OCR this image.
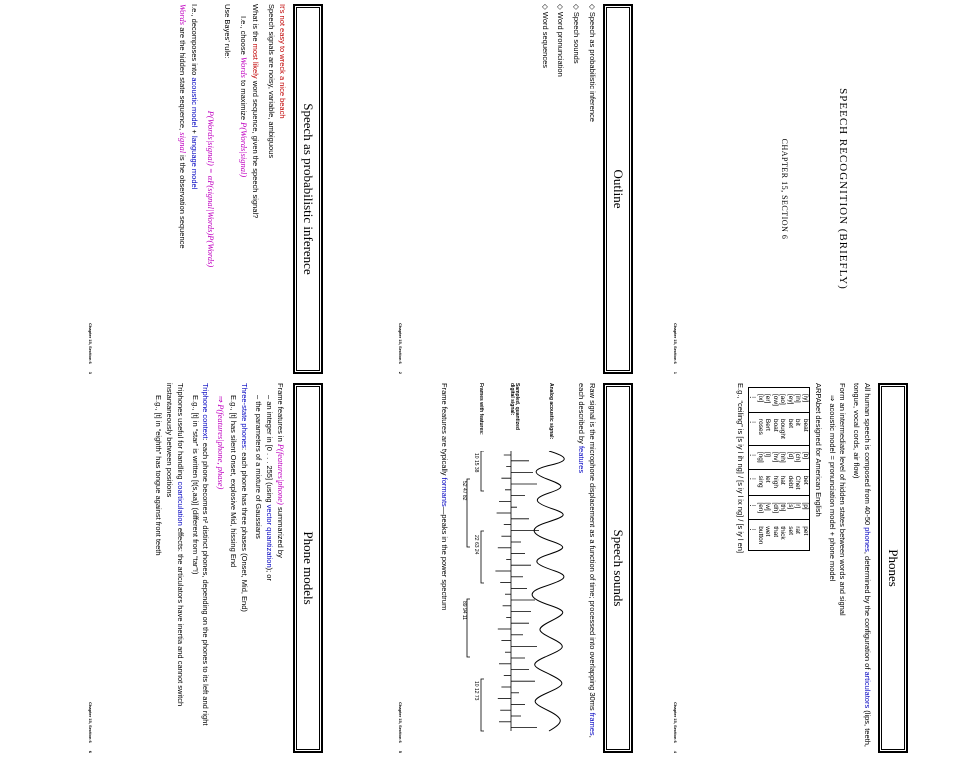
SPEECH RECOGNITION (BRIEFLY)
CHAPTER 15, SECTION 6
Chapter 15, Section 61
Outline
◇ Speech as probabilistic inference
◇ Speech sounds
◇ Word pronunciation
◇ Word sequences
Chapter 15, Section 62
Speech as probabilistic inference
It’s not easy to wreck a nice beach
Speech signals are noisy, variable, ambiguous
What is the most likely word sequence, given the speech signal?
I.e., choose Words to maximize P(Words|signal)
Use Bayes’ rule:
P(Words|signal) = αP(signal|Words)P(Words)
I.e., decomposes into acoustic model + language model
Words are the hidden state sequence, signal is the observation sequence
Chapter 15, Section 63
Phones
All human speech is composed from 40-50 phones, determined by the configuration of articulators (lips, teeth, tongue, vocal cords, air flow)
Form an intermediate level of hidden states between words and signal
⇒ acoustic model = pronunciation model + phone model
ARPAbet designed for American English
[iy]	beat	[b]	bet	[p]	pet
[ih]	bit	[ch]	Chet	[r]	rat
[ey]	bet	[d]	debt	[s]	set
[ao]	bought	[hh]	hat	[th]	thick
[ow]	boat	[hv]	high	[dh]	that
[er]	Bert	[l]	let	[w]	wet
[ix]	roses	[ng]	sing	[en]	button
⋮	⋮	⋮	⋮	⋮	⋮
E.g., “ceiling” is [s iy l ih ng] / [s iy l ix ng] / [s iy l en]
Chapter 15, Section 64
Speech sounds
Raw signal is the microphone displacement as a function of time; processed into overlapping 30ms frames, each described by features
Analog acoustic signal:
Sampled, quantized digital signal:
Frames with features:
10 15 38
52 47 82
22 63 24
89 94 11
10 12 73
Frame features are typically formants—peaks in the power spectrum
Chapter 15, Section 65
Phone models
Frame features in P(features|phone) summarized by
– an integer in [0 . . . 255] (using vector quantization); or
– the parameters of a mixture of Gaussians
Three-state phones: each phone has three phases (Onset, Mid, End)
E.g., [t] has silent Onset, explosive Mid, hissing End
⇒ P(features|phone, phase)
Triphone context: each phone becomes n² distinct phones, depending on the phones to its left and right
E.g., [t] in “star” is written [t(s,aa)] (different from “tar”!)
Triphones useful for handling coarticulation effects: the articulators have inertia and cannot switch instantaneously between positions
E.g., [t] in “eighth” has tongue against front teeth
Chapter 15, Section 66
